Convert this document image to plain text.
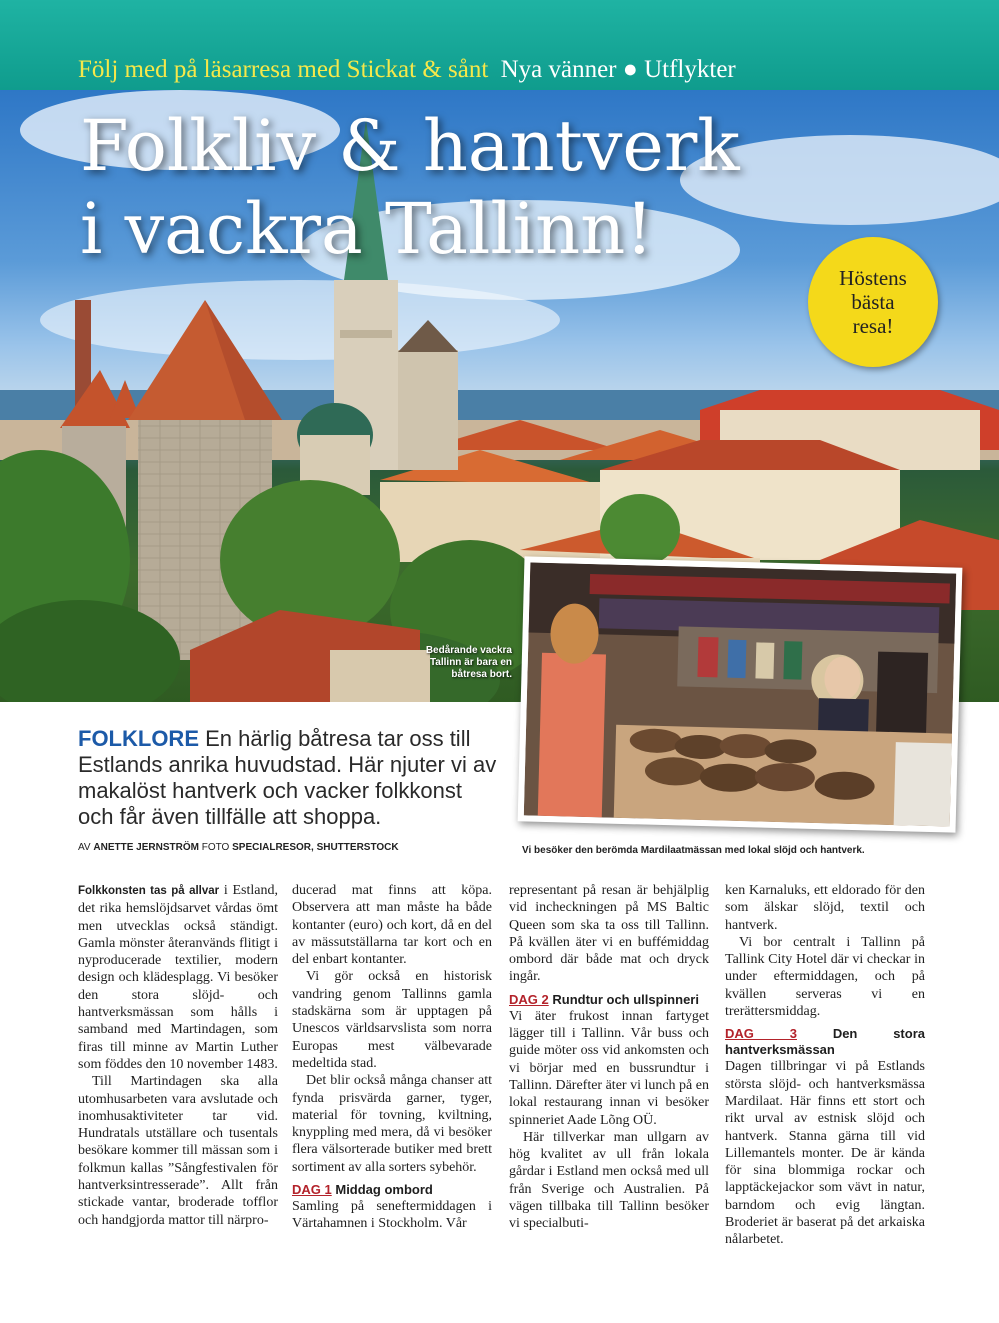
Följ med på läsarresa med Stickat & sånt Nya vänner ● Utflykter
Folkliv & hantverk
i vackra Tallinn!
Höstens
bästa
resa!
Bedårande vackra Tallinn är bara en båtresa bort.
FOLKLORE En härlig båtresa tar oss till Estlands anrika huvudstad. Här njuter vi av makalöst hantverk och vacker folkkonst och får även tillfälle att shoppa.
AV ANETTE JERNSTRÖM FOTO SPECIALRESOR, SHUTTERSTOCK	Vi besöker den berömda Mardilaatmässan med lokal slöjd och hantverk.

Folkkonsten tas på allvar i Estland, det rika hemslöjdsarvet vårdas ömt men utvecklas också ständigt. Gamla mönster återanvänds flitigt i nyproducerade textilier, modern design och klädesplagg. Vi besöker den stora slöjd- och hantverksmässan som hålls i samband med Martindagen, som firas till minne av Martin Luther som föddes den 10 november 1483.

Till Martindagen ska alla utomhusarbeten vara avslutade och inomhusaktiviteter tar vid. Hundratals utställare och tusentals besökare kommer till mässan som i folkmun kallas ”Sångfestivalen för hantverksintresserade”. Allt från stickade vantar, broderade tofflor och handgjorda mattor till närpro-

ducerad mat finns att köpa. Observera att man måste ha både kontanter (euro) och kort, då en del av mässutställarna tar kort och en del enbart kontanter.

Vi gör också en historisk vandring genom Tallinns gamla stadskärna som är upptagen på Unescos världsarvslista som norra Europas mest välbevarade medeltida stad.

Det blir också många chanser att fynda prisvärda garner, tyger, material för tovning, kviltning, knyppling med mera, då vi besöker flera välsorterade butiker med brett sortiment av alla sorters sybehör.

DAG 1 Middag ombord

Samling på seneftermiddagen i Värtahamnen i Stockholm. Vår

representant på resan är behjälplig vid incheckningen på MS Baltic Queen som ska ta oss till Tallinn. På kvällen äter vi en buffémiddag ombord där både mat och dryck ingår.

DAG 2 Rundtur och ullspinneri

Vi äter frukost innan fartyget lägger till i Tallinn. Vår buss och guide möter oss vid ankomsten och vi börjar med en bussrundtur i Tallinn. Därefter äter vi lunch på en lokal restaurang innan vi besöker spinneriet Aade Lõng OÜ.

Här tillverkar man ullgarn av hög kvalitet av ull från lokala gårdar i Estland men också med ull från Sverige och Australien. På vägen tillbaka till Tallinn besöker vi specialbuti-

ken Karnaluks, ett eldorado för den som älskar slöjd, textil och hantverk.

Vi bor centralt i Tallinn på Tallink City Hotel där vi checkar in under eftermiddagen, och på kvällen serveras vi en trerättersmiddag.

DAG 3	Den stora hantverksmässan

Dagen tillbringar vi på Estlands största slöjd- och hantverksmässa Mardilaat. Här finns ett stort och rikt urval av estnisk slöjd och hantverk. Stanna gärna till vid Lillemantels monter. De är kända för sina blommiga rockar och lapptäckejackor som vävt in natur, barndom och evig längtan. Broderiet är baserat på det arkaiska nålarbetet.
